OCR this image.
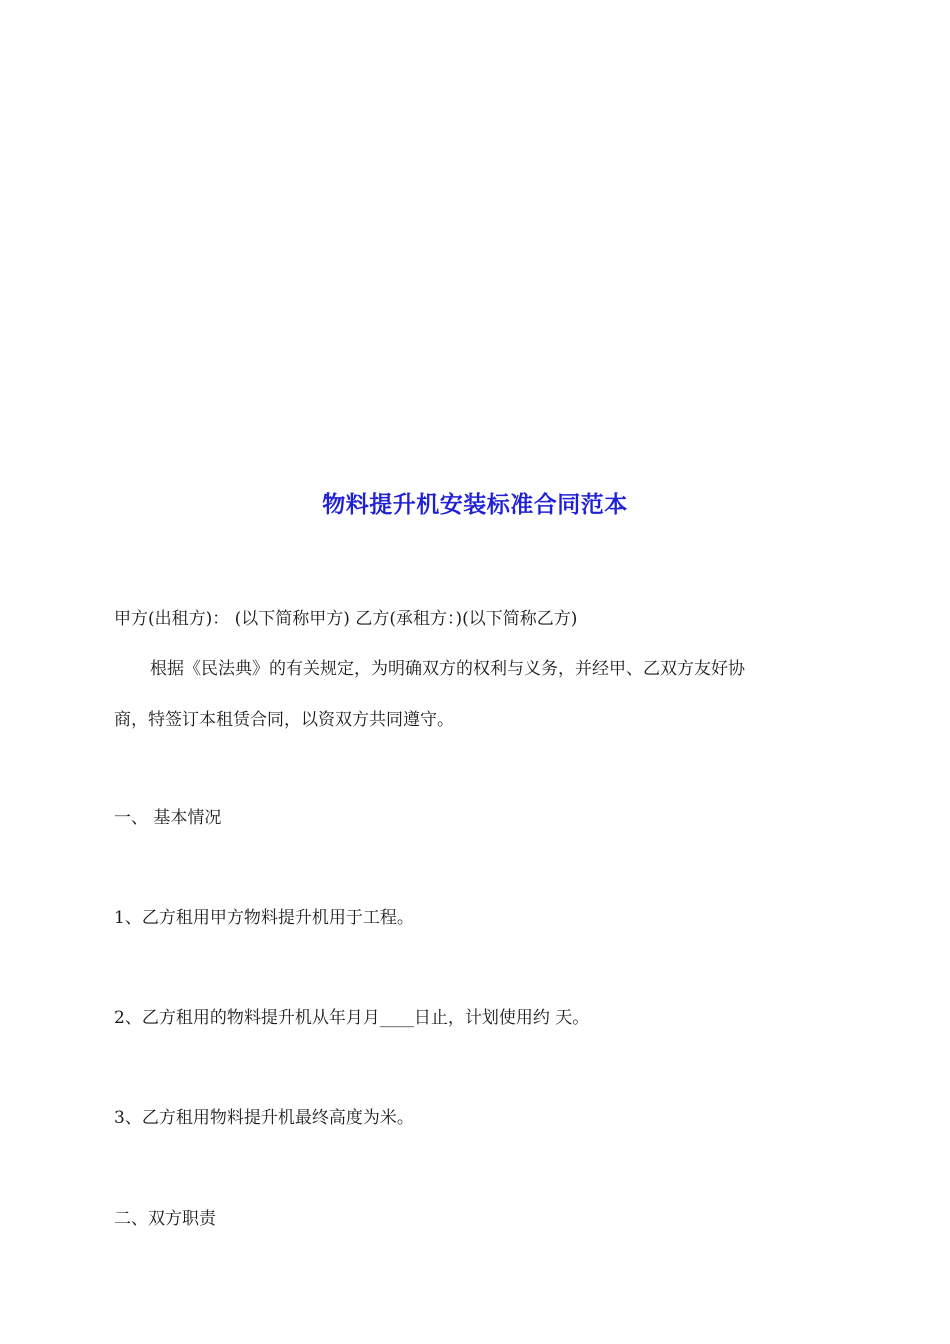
物料提升机安装标准合同范本
甲方(出租方)： (以下简称甲方) 乙方(承租方：)(以下简称乙方)
根据《民法典》的有关规定，为明确双方的权利与义务，并经甲、乙双方友好协
商，特签订本租赁合同，以资双方共同遵守。
一、 基本情况
1、乙方租用甲方物料提升机用于工程。
2、乙方租用的物料提升机从年月月____日止，计划使用约 天。
3、乙方租用物料提升机最终高度为米。
二、双方职责
